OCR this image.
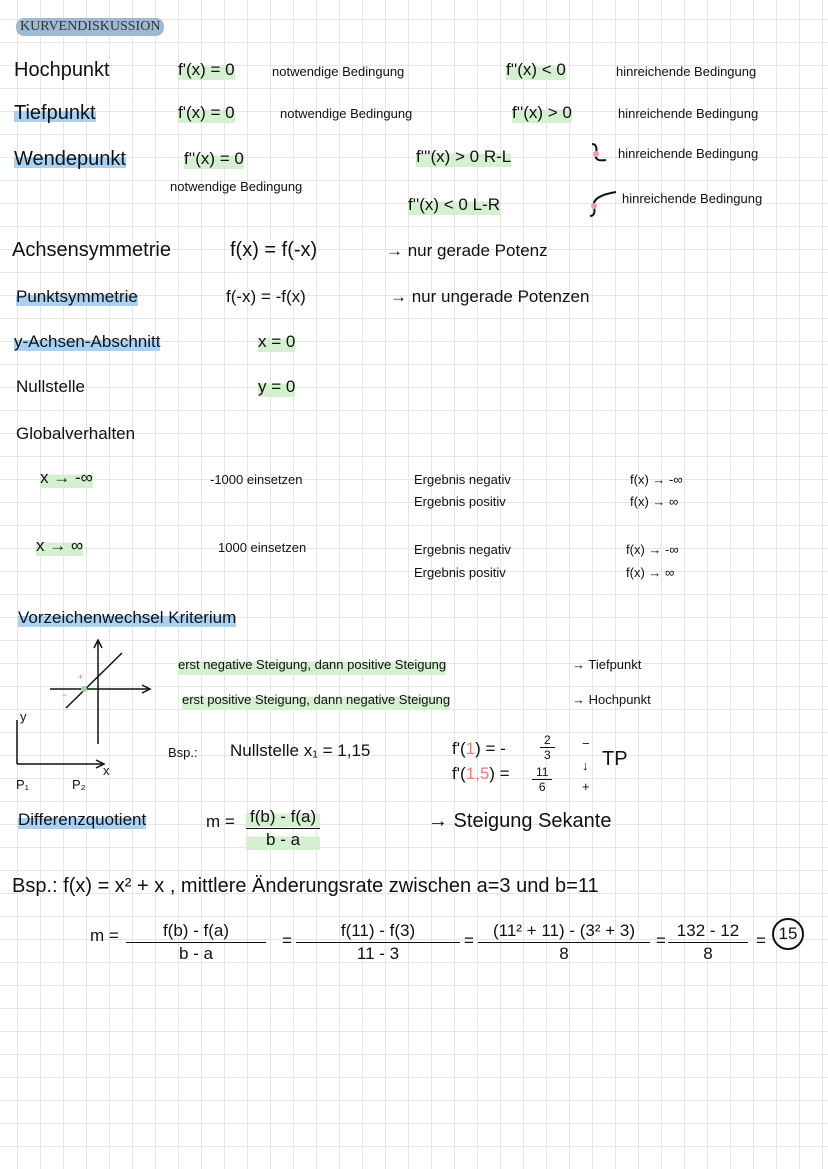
KURVENDISKUSSION
Hochpunkt	f'(x) = 0	notwendige Bedingung	f''(x) < 0	hinreichende Bedingung
Tiefpunkt	f'(x) = 0	notwendige Bedingung	f''(x) > 0	hinreichende Bedingung
Wendepunkt	f''(x) = 0
notwendige Bedingung
f'''(x) > 0 R-L	hinreichende Bedingung
f''(x) < 0 L-R	hinreichende Bedingung
Achsensymmetrie	f(x) = f(-x)	→ nur gerade Potenz
Punktsymmetrie	f(-x) = -f(x)	→ nur ungerade Potenzen
y-Achsen-Abschnitt	x = 0
Nullstelle	y = 0
Globalverhalten
x → -∞	-1000 einsetzen	Ergebnis negativ	f(x) → -∞
Ergebnis positiv	f(x) → ∞
x → ∞	1000 einsetzen	Ergebnis negativ	f(x) → -∞
Ergebnis positiv	f(x) → ∞
Vorzeichenwechsel Kriterium
+
−
y
x
P₁	P₂
erst negative Steigung, dann positive Steigung	→ Tiefpunkt
erst positive Steigung, dann negative Steigung	→ Hochpunkt
Bsp.: Nullstelle x₁ = 1,15	f'(1) = -	$\frac{2}{3}$
$f'(1,5) = \frac{11}{6}$
−
↓
+
TP
Differenzquotient	$m = \frac{f(b) - f(a)}{b - a}$	→ Steigung Sekante
Bsp.: f(x) = x² + x , mittlere Änderungsrate zwischen a=3 und b=11
$m = \frac{f(b) - f(a)}{b - a} = \frac{f(11) - f(3)}{11 - 3} = \frac{\text{(11² + 11) - (3² + 3)}}{8} = \frac{132 - 12}{8} = 15$
